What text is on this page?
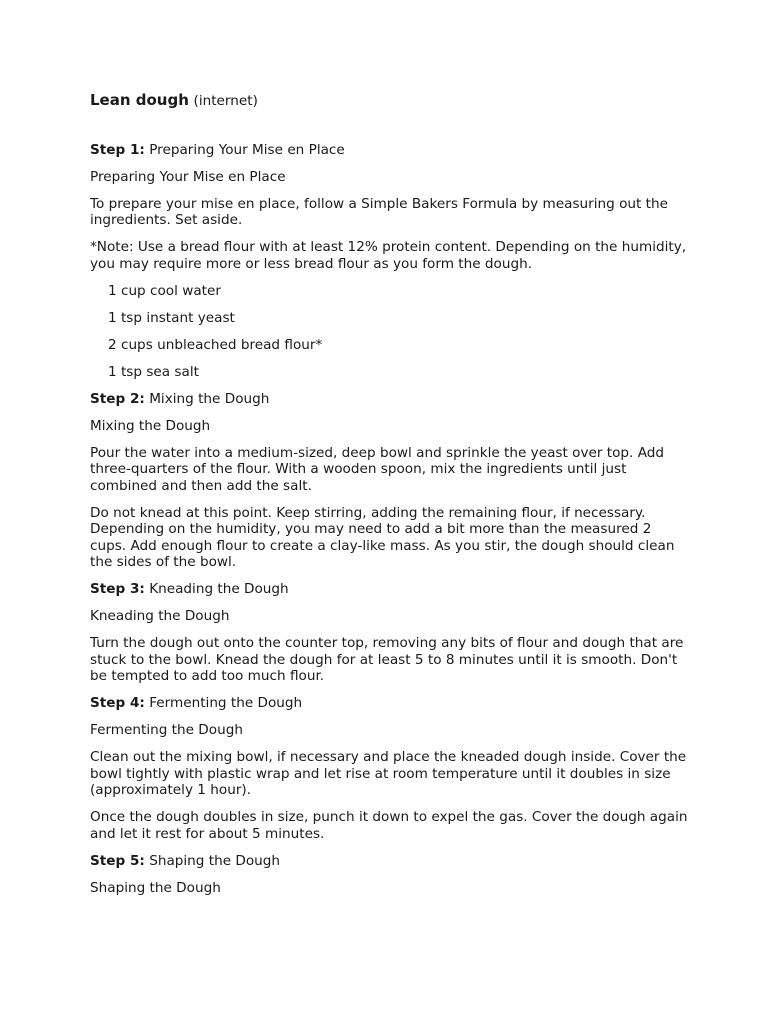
Lean dough (internet)

Step 1: Preparing Your Mise en Place

Preparing Your Mise en Place

To prepare your mise en place, follow a Simple Bakers Formula by measuring out the ingredients. Set aside.

*Note: Use a bread flour with at least 12% protein content. Depending on the humidity, you may require more or less bread flour as you form the dough.

1 cup cool water
1 tsp instant yeast
2 cups unbleached bread flour*
1 tsp sea salt

Step 2: Mixing the Dough

Mixing the Dough

Pour the water into a medium-sized, deep bowl and sprinkle the yeast over top. Add three-quarters of the flour. With a wooden spoon, mix the ingredients until just combined and then add the salt.

Do not knead at this point. Keep stirring, adding the remaining flour, if necessary. Depending on the humidity, you may need to add a bit more than the measured 2 cups. Add enough flour to create a clay-like mass. As you stir, the dough should clean the sides of the bowl.

Step 3: Kneading the Dough

Kneading the Dough

Turn the dough out onto the counter top, removing any bits of flour and dough that are stuck to the bowl. Knead the dough for at least 5 to 8 minutes until it is smooth. Don't be tempted to add too much flour.

Step 4: Fermenting the Dough

Fermenting the Dough

Clean out the mixing bowl, if necessary and place the kneaded dough inside. Cover the bowl tightly with plastic wrap and let rise at room temperature until it doubles in size (approximately 1 hour).

Once the dough doubles in size, punch it down to expel the gas. Cover the dough again and let it rest for about 5 minutes.

Step 5: Shaping the Dough

Shaping the Dough
